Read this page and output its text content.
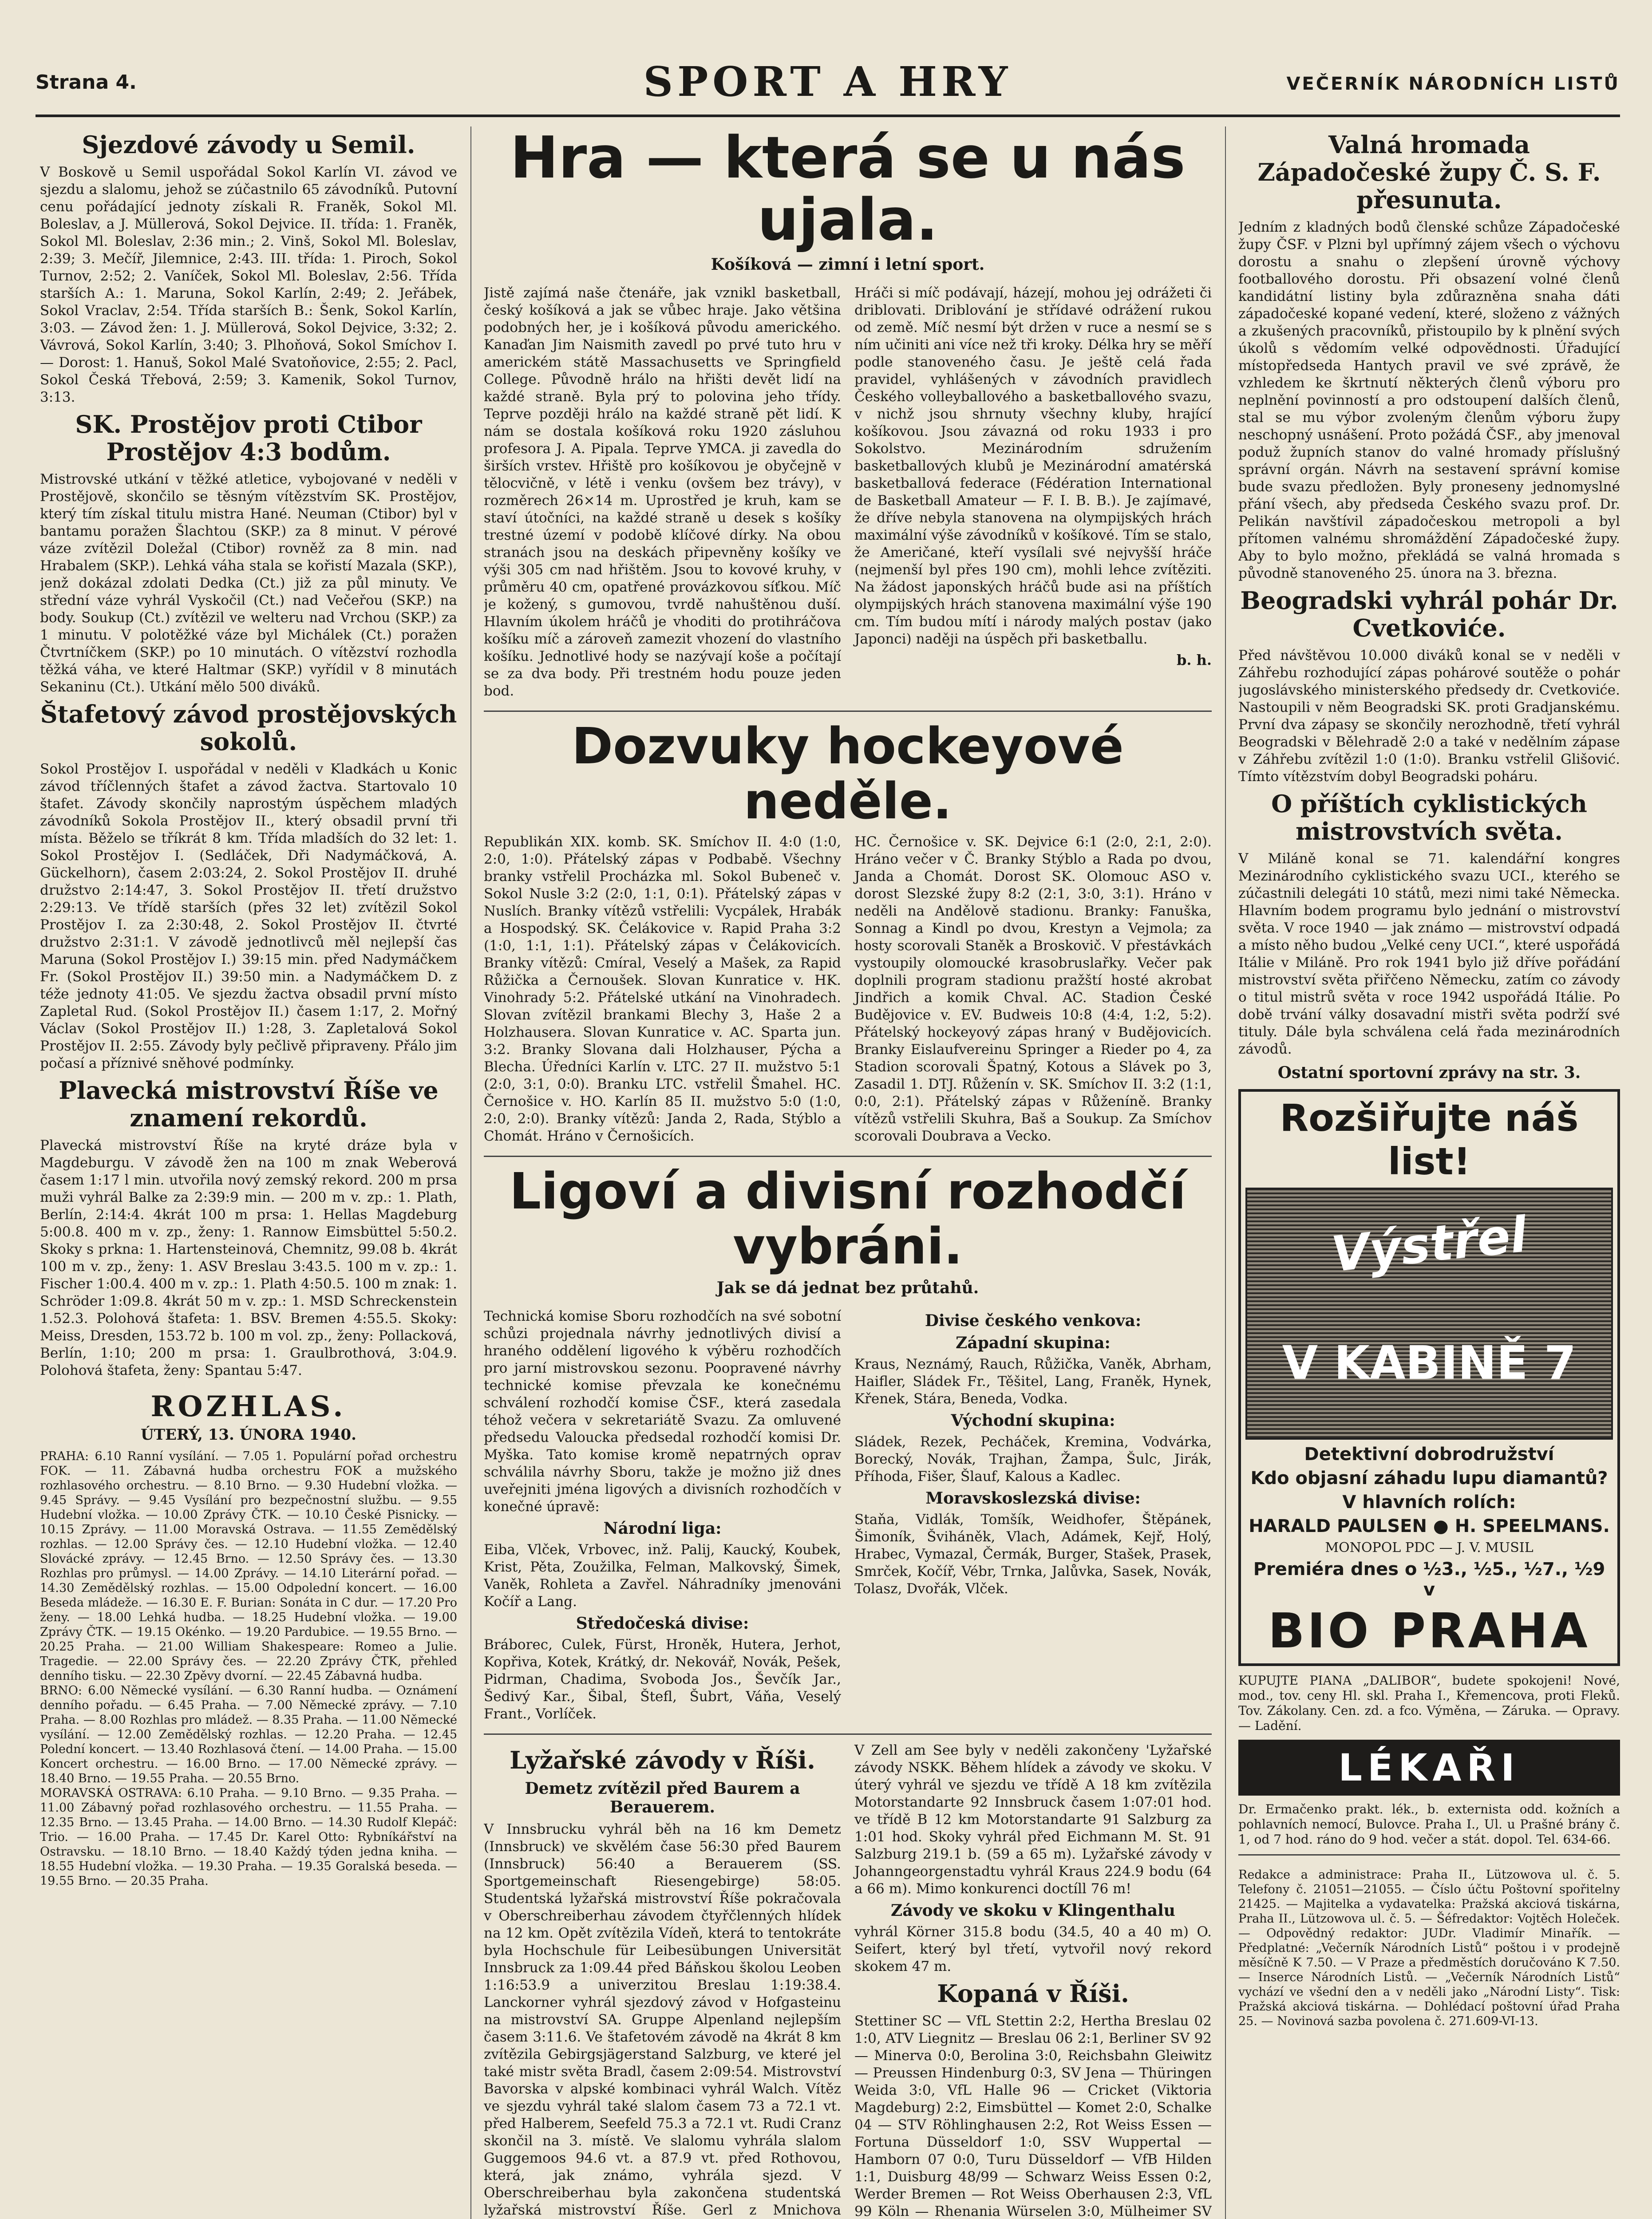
Strana 4.	SPORT A HRY	VEČERNÍK NÁRODNÍCH LISTŮ
Sjezdové závody u Semil.

V Boskově u Semil uspořádal Sokol Karlín VI. závod ve sjezdu a slalomu, jehož se zúčastnilo 65 závodníků. Putovní cenu pořádající jednoty získali R. Franěk, Sokol Ml. Boleslav, a J. Müllerová, Sokol Dejvice. II. třída: 1. Franěk, Sokol Ml. Boleslav, 2:36 min.; 2. Vinš, Sokol Ml. Boleslav, 2:39; 3. Mečíř, Jilemnice, 2:43. III. třída: 1. Piroch, Sokol Turnov, 2:52; 2. Vaníček, Sokol Ml. Boleslav, 2:56. Třída starších A.: 1. Maruna, Sokol Karlín, 2:49; 2. Jeřábek, Sokol Vraclav, 2:54. Třída starších B.: Šenk, Sokol Karlín, 3:03. — Závod žen: 1. J. Müllerová, Sokol Dejvice, 3:32; 2. Vávrová, Sokol Karlín, 3:40; 3. Plhoňová, Sokol Smíchov I. — Dorost: 1. Hanuš, Sokol Malé Svatoňovice, 2:55; 2. Pacl, Sokol Česká Třebová, 2:59; 3. Kamenik, Sokol Turnov, 3:13.

SK. Prostějov proti Ctibor Prostějov 4:3 bodům.

Mistrovské utkání v těžké atletice, vybojované v neděli v Prostějově, skončilo se těsným vítězstvím SK. Prostějov, který tím získal titulu mistra Hané. Neuman (Ctibor) byl v bantamu poražen Šlachtou (SKP.) za 8 minut. V pérové váze zvítězil Doležal (Ctibor) rovněž za 8 min. nad Hrabalem (SKP.). Lehká váha stala se kořistí Mazala (SKP.), jenž dokázal zdolati Dedka (Ct.) již za půl minuty. Ve střední váze vyhrál Vyskočil (Ct.) nad Večeřou (SKP.) na body. Soukup (Ct.) zvítězil ve welteru nad Vrchou (SKP.) za 1 minutu. V polotěžké váze byl Michálek (Ct.) poražen Čtvrtníčkem (SKP.) po 10 minutách. O vítězství rozhodla těžká váha, ve které Haltmar (SKP.) vyřídil v 8 minutách Sekaninu (Ct.). Utkání mělo 500 diváků.

Štafetový závod prostějovských sokolů.

Sokol Prostějov I. uspořádal v neděli v Kladkách u Konic závod tříčlenných štafet a závod žactva. Startovalo 10 štafet. Závody skončily naprostým úspěchem mladých závodníků Sokola Prostějov II., který obsadil první tři místa. Běželo se tříkrát 8 km. Třída mladších do 32 let: 1. Sokol Prostějov I. (Sedláček, Dři Nadymáčková, A. Gückelhorn), časem 2:03:24, 2. Sokol Prostějov II. druhé družstvo 2:14:47, 3. Sokol Prostějov II. třetí družstvo 2:29:13. Ve třídě starších (přes 32 let) zvítězil Sokol Prostějov I. za 2:30:48, 2. Sokol Prostějov II. čtvrté družstvo 2:31:1. V závodě jednotlivců měl nejlepší čas Maruna (Sokol Prostějov I.) 39:15 min. před Nadymáčkem Fr. (Sokol Prostějov II.) 39:50 min. a Nadymáčkem D. z téže jednoty 41:05. Ve sjezdu žactva obsadil první místo Zapletal Rud. (Sokol Prostějov II.) časem 1:17, 2. Mořný Václav (Sokol Prostějov II.) 1:28, 3. Zapletalová Sokol Prostějov II. 2:55. Závody byly pečlivě připraveny. Přálo jim počasí a příznivé sněhové podmínky.

Plavecká mistrovství Říše ve znamení rekordů.

Plavecká mistrovství Říše na kryté dráze byla v Magdeburgu. V závodě žen na 100 m znak Weberová časem 1:17 l min. utvořila nový zemský rekord. 200 m prsa muži vyhrál Balke za 2:39:9 min. — 200 m v. zp.: 1. Plath, Berlín, 2:14:4. 4krát 100 m prsa: 1. Hellas Magdeburg 5:00.8. 400 m v. zp., ženy: 1. Rannow Eimsbüttel 5:50.2. Skoky s prkna: 1. Hartensteinová, Chemnitz, 99.08 b. 4krát 100 m v. zp., ženy: 1. ASV Breslau 3:43.5. 100 m v. zp.: 1. Fischer 1:00.4. 400 m v. zp.: 1. Plath 4:50.5. 100 m znak: 1. Schröder 1:09.8. 4krát 50 m v. zp.: 1. MSD Schreckenstein 1.52.3. Polohová štafeta: 1. BSV. Bremen 4:55.5. Skoky: Meiss, Dresden, 153.72 b. 100 m vol. zp., ženy: Pollacková, Berlín, 1:10; 200 m prsa: 1. Graulbrothová, 3:04.9. Polohová štafeta, ženy: Spantau 5:47.

ROZHLAS.
ÚTERÝ, 13. ÚNORA 1940.

PRAHA: 6.10 Ranní vysílání. — 7.05 1. Populární pořad orchestru FOK. — 11. Zábavná hudba orchestru FOK a mužského rozhlasového orchestru. — 8.10 Brno. — 9.30 Hudební vložka. — 9.45 Správy. — 9.45 Vysílání pro bezpečnostní službu. — 9.55 Hudební vložka. — 10.00 Zprávy ČTK. — 10.10 České Pisnicky. — 10.15 Zprávy. — 11.00 Moravská Ostrava. — 11.55 Zemědělský rozhlas. — 12.00 Správy čes. — 12.10 Hudební vložka. — 12.40 Slovácké zprávy. — 12.45 Brno. — 12.50 Správy čes. — 13.30 Rozhlas pro průmysl. — 14.00 Zprávy. — 14.10 Literární pořad. — 14.30 Zemědělský rozhlas. — 15.00 Odpolední koncert. — 16.00 Beseda mládeže. — 16.30 E. F. Burian: Sonáta in C dur. — 17.20 Pro ženy. — 18.00 Lehká hudba. — 18.25 Hudební vložka. — 19.00 Zprávy ČTK. — 19.15 Okénko. — 19.20 Pardubice. — 19.55 Brno. — 20.25 Praha. — 21.00 William Shakespeare: Romeo a Julie. Tragedie. — 22.00 Správy čes. — 22.20 Zprávy ČTK, přehled denního tisku. — 22.30 Zpěvy dvorní. — 22.45 Zábavná hudba.
BRNO: 6.00 Německé vysílání. — 6.30 Ranní hudba. — Oznámení denního pořadu. — 6.45 Praha. — 7.00 Německé zprávy. — 7.10 Praha. — 8.00 Rozhlas pro mládež. — 8.35 Praha. — 11.00 Německé vysílání. — 12.00 Zemědělský rozhlas. — 12.20 Praha. — 12.45 Polední koncert. — 13.40 Rozhlasová čtení. — 14.00 Praha. — 15.00 Koncert orchestru. — 16.00 Brno. — 17.00 Německé zprávy. — 18.40 Brno. — 19.55 Praha. — 20.55 Brno.
MORAVSKÁ OSTRAVA: 6.10 Praha. — 9.10 Brno. — 9.35 Praha. — 11.00 Zábavný pořad rozhlasového orchestru. — 11.55 Praha. — 12.35 Brno. — 13.45 Praha. — 14.00 Brno. — 14.30 Rudolf Klepáč: Trio. — 16.00 Praha. — 17.45 Dr. Karel Otto: Rybníkářství na Ostravsku. — 18.10 Brno. — 18.40 Každý týden jedna kniha. — 18.55 Hudební vložka. — 19.30 Praha. — 19.35 Goralská beseda. — 19.55 Brno. — 20.35 Praha.

Hra — která se u nás ujala.
Košíková — zimní i letní sport.

Jistě zajímá naše čtenáře, jak vznikl basketball, český košíková a jak se vůbec hraje. Jako většina podobných her, je i košíková původu amerického. Kanaďan Jim Naismith zavedl po prvé tuto hru v americkém státě Massachusetts ve Springfield College. Původně hrálo na hřišti devět lidí na každé straně. Byla prý to polovina jeho třídy. Teprve později hrálo na každé straně pět lidí. K nám se dostala košíková roku 1920 zásluhou profesora J. A. Pipala. Teprve YMCA. ji zavedla do širších vrstev. Hřiště pro košíkovou je obyčejně v tělocvičně, v létě i venku (ovšem bez trávy), v rozměrech 26×14 m. Uprostřed je kruh, kam se staví útočníci, na každé straně u desek s košíky trestné území v podobě klíčové dírky. Na obou stranách jsou na deskách připevněny košíky ve výši 305 cm nad hřištěm. Jsou to kovové kruhy, v průměru 40 cm, opatřené provázkovou síťkou. Míč je kožený, s gumovou, tvrdě nahuštěnou duší. Hlavním úkolem hráčů je vhoditi do protihráčova košíku míč a zároveň zamezit vhození do vlastního košíku. Jednotlivé hody se nazývají koše a počítají se za dva body. Při trestném hodu pouze jeden bod.

Hráči si míč podávají, házejí, mohou jej odrážeti či driblovati. Driblování je střídavé odrážení rukou od země. Míč nesmí být držen v ruce a nesmí se s ním učiniti ani více než tři kroky. Délka hry se měří podle stanoveného času. Je ještě celá řada pravidel, vyhlášených v závodních pravidlech Českého volleyballového a basketballového svazu, v nichž jsou shrnuty všechny kluby, hrající košíkovou. Jsou závazná od roku 1933 i pro Sokolstvo. Mezinárodním sdružením basketballových klubů je Mezinárodní amatérská basketballová federace (Fédération International de Basketball Amateur — F. I. B. B.). Je zajímavé, že dříve nebyla stanovena na olympijských hrách maximální výše závodníků v košíkové. Tím se stalo, že Američané, kteří vysílali své nejvyšší hráče (nejmenší byl přes 190 cm), mohli lehce zvítěziti. Na žádost japonských hráčů bude asi na příštích olympijských hrách stanovena maximální výše 190 cm. Tím budou mítí i národy malých postav (jako Japonci) naději na úspěch při basketballu.

b. h.
Dozvuky hockeyové neděle.

Republikán XIX. komb. SK. Smíchov II. 4:0 (1:0, 2:0, 1:0). Přátelský zápas v Podbabě. Všechny branky vstřelil Procházka ml. Sokol Bubeneč v. Sokol Nusle 3:2 (2:0, 1:1, 0:1). Přátelský zápas v Nuslích. Branky vítězů vstřelili: Vycpálek, Hrabák a Hospodský. SK. Čelákovice v. Rapid Praha 3:2 (1:0, 1:1, 1:1). Přátelský zápas v Čelákovicích. Branky vítězů: Cmíral, Veselý a Mašek, za Rapid Růžička a Černoušek. Slovan Kunratice v. HK. Vinohrady 5:2. Přátelské utkání na Vinohradech. Slovan zvítězil brankami Blechy 3, Haše 2 a Holzhausera. Slovan Kunratice v. AC. Sparta jun. 3:2. Branky Slovana dali Holzhauser, Pýcha a Blecha. Úředníci Karlín v. LTC. 27 II. mužstvo 5:1 (2:0, 3:1, 0:0). Branku LTC. vstřelil Šmahel. HC. Černošice v. HO. Karlín 85 II. mužstvo 5:0 (1:0, 2:0, 2:0). Branky vítězů: Janda 2, Rada, Stýblo a Chomát. Hráno v Černošicích.

HC. Černošice v. SK. Dejvice 6:1 (2:0, 2:1, 2:0). Hráno večer v Č. Branky Stýblo a Rada po dvou, Janda a Chomát. Dorost SK. Olomouc ASO v. dorost Slezské župy 8:2 (2:1, 3:0, 3:1). Hráno v neděli na Andělově stadionu. Branky: Fanuška, Sonnag a Kindl po dvou, Krestyn a Vejmola; za hosty scorovali Staněk a Broskovič. V přestávkách vystoupily olomoucké krasobruslařky. Večer pak doplnili program stadionu pražští hosté akrobat Jindřich a komik Chval. AC. Stadion České Budějovice v. EV. Budweis 10:8 (4:4, 1:2, 5:2). Přátelský hockeyový zápas hraný v Budějovicích. Branky Eislaufvereinu Springer a Rieder po 4, za Stadion scorovali Špatný, Kotous a Slávek po 3, Zasadil 1. DTJ. Růženín v. SK. Smíchov II. 3:2 (1:1, 0:0, 2:1). Přátelský zápas v Růženíně. Branky vítězů vstřelili Skuhra, Baš a Soukup. Za Smíchov scorovali Doubrava a Vecko.

Ligoví a divisní rozhodčí vybráni.
Jak se dá jednat bez průtahů.

Technická komise Sboru rozhodčích na své sobotní schůzi projednala návrhy jednotlivých divisí a hraného oddělení ligového k výběru rozhodčích pro jarní mistrovskou sezonu. Poopravené návrhy technické komise převzala ke konečnému schválení rozhodčí komise ČSF., která zasedala téhož večera v sekretariátě Svazu. Za omluvené předsedu Valoucka předsedal rozhodčí komisi Dr. Myška. Tato komise kromě nepatrných oprav schválila návrhy Sboru, takže je možno již dnes uveřejniti jména ligových a divisních rozhodčích v konečné úpravě:

Národní liga:

Eiba, Vlček, Vrbovec, inž. Palij, Kaucký, Koubek, Krist, Pěta, Zoužilka, Felman, Malkovský, Šimek, Vaněk, Rohleta a Zavřel. Náhradníky jmenováni Kočíř a Lang.

Středočeská divise:

Bráborec, Culek, Fürst, Hroněk, Hutera, Jerhot, Kopřiva, Kotek, Krátký, dr. Nekovář, Novák, Pešek, Pidrman, Chadima, Svoboda Jos., Ševčík Jar., Šedivý Kar., Šibal, Štefl, Šubrt, Váňa, Veselý Frant., Vorlíček.

Divise českého venkova:
Západní skupina:

Kraus, Neznámý, Rauch, Růžička, Vaněk, Abrham, Haifler, Sládek Fr., Těšitel, Lang, Franěk, Hynek, Křenek, Stára, Beneda, Vodka.

Východní skupina:

Sládek, Rezek, Pecháček, Kremina, Vodvárka, Borecký, Novák, Trajhan, Žampa, Šulc, Jirák, Příhoda, Fišer, Šlauf, Kalous a Kadlec.

Moravskoslezská divise:

Staňa, Vidlák, Tomšík, Weidhofer, Štěpánek, Šimoník, Šviháněk, Vlach, Adámek, Kejř, Holý, Hrabec, Vymazal, Čermák, Burger, Stašek, Prasek, Smrček, Kočíř, Vébr, Trnka, Jalůvka, Sasek, Novák, Tolasz, Dvořák, Vlček.

Lyžařské závody v Říši.
Demetz zvítězil před Baurem a Berauerem.

V Innsbrucku vyhrál běh na 16 km Demetz (Innsbruck) ve skvělém čase 56:30 před Baurem (Innsbruck) 56:40 a Berauerem (SS. Sportgemeinschaft Riesengebirge) 58:05. Studentská lyžařská mistrovství Říše pokračovala v Oberschreiberhau závodem čtyřčlenných hlídek na 12 km. Opět zvítězila Vídeň, která to tentokráte byla Hochschule für Leibesübungen Universität Innsbruck za 1:09.44 před Báňskou školou Leoben 1:16:53.9 a univerzitou Breslau 1:19:38.4. Lanckorner vyhrál sjezdový závod v Hofgasteinu na mistrovství SA. Gruppe Alpenland nejlepším časem 3:11.6. Ve štafetovém závodě na 4krát 8 km zvítězila Gebirgsjägerstand Salzburg, ve které jel také mistr světa Bradl, časem 2:09:54. Mistrovství Bavorska v alpské kombinaci vyhrál Walch. Vítěz ve sjezdu vyhrál také slalom časem 73 a 72.1 vt. před Halberem, Seefeld 75.3 a 72.1 vt. Rudi Cranz skončil na 3. místě. Ve slalomu vyhrála slalom Guggemoos 94.6 vt. a 87.9 vt. před Rothovou, která, jak známo, vyhrála sjezd. V Oberschreiberhau byla zakončena studentská lyžařská mistrovství Říše. Gerl z Mnichova

V Zell am See byly v neděli zakončeny 'Lyžařské závody NSKK. Během hlídek a závody ve skoku. V úterý vyhrál ve sjezdu ve třídě A 18 km zvítězila Motorstandarte 92 Innsbruck časem 1:07:01 hod. ve třídě B 12 km Motorstandarte 91 Salzburg za 1:01 hod. Skoky vyhrál před Eichmann M. St. 91 Salzburg 219.1 b. (59 a 65 m). Lyžařské závody v Johanngeorgenstadtu vyhrál Kraus 224.9 bodu (64 a 66 m). Mimo konkurenci doctíll 76 m!

Závody ve skoku v Klingenthalu

vyhrál Körner 315.8 bodu (34.5, 40 a 40 m) O. Seifert, který byl třetí, vytvořil nový rekord skokem 47 m.

Kopaná v Říši.

Stettiner SC — VfL Stettin 2:2, Hertha Breslau 02 1:0, ATV Liegnitz — Breslau 06 2:1, Berliner SV 92 — Minerva 0:0, Berolina 3:0, Reichsbahn Gleiwitz — Preussen Hindenburg 0:3, SV Jena — Thüringen Weida 3:0, VfL Halle 96 — Cricket (Viktoria Magdeburg) 2:2, Eimsbüttel — Komet 2:0, Schalke 04 — STV Röhlinghausen 2:2, Rot Weiss Essen — Fortuna Düsseldorf 1:0, SSV Wuppertal — Hamborn 07 0:0, Turu Düsseldorf — VfB Hilden 1:1, Duisburg 48/99 — Schwarz Weiss Essen 0:2, Werder Bremen — Rot Weiss Oberhausen 2:3, VfL 99 Köln — Rhenania Würselen 3:0, Mülheimer SV

Valná hromada Západočeské župy Č. S. F. přesunuta.

Jedním z kladných bodů členské schůze Západočeské župy ČSF. v Plzni byl upřímný zájem všech o výchovu dorostu a snahu o zlepšení úrovně výchovy footballového dorostu. Při obsazení volné členů kandidátní listiny byla zdůrazněna snaha dáti západočeské kopané vedení, které, složeno z vážných a zkušených pracovníků, přistoupilo by k plnění svých úkolů s vědomím velké odpovědnosti. Úřadující místopředseda Hantych pravil ve své zprávě, že vzhledem ke škrtnutí některých členů výboru pro neplnění povinností a pro odstoupení dalších členů, stal se mu výbor zvoleným členům výboru župy neschopný usnášení. Proto požádá ČSF., aby jmenoval poduž župních stanov do valné hromady příslušný správní orgán. Návrh na sestavení správní komise bude svazu předložen. Byly proneseny jednomyslné přání všech, aby předseda Českého svazu prof. Dr. Pelikán navštívil západočeskou metropoli a byl přítomen valnému shromáždění Západočeské župy. Aby to bylo možno, překládá se valná hromada s původně stanoveného 25. února na 3. března.

Beogradski vyhrál pohár Dr. Cvetkoviće.

Před návštěvou 10.000 diváků konal se v neděli v Záhřebu rozhodující zápas pohárové soutěže o pohár jugoslávského ministerského předsedy dr. Cvetkoviće. Nastoupili v něm Beogradski SK. proti Gradjanskému. První dva zápasy se skončily nerozhodně, třetí vyhrál Beogradski v Bělehradě 2:0 a také v nedělním zápase v Záhřebu zvítězil 1:0 (1:0). Branku vstřelil Glišović. Tímto vítězstvím dobyl Beogradski poháru.

O příštích cyklistických mistrovstvích světa.

V Miláně konal se 71. kalendářní kongres Mezinárodního cyklistického svazu UCI., kterého se zúčastnili delegáti 10 států, mezi nimi také Německa. Hlavním bodem programu bylo jednání o mistrovství světa. V roce 1940 — jak známo — mistrovství odpadá a místo něho budou „Velké ceny UCI.“, které uspořádá Itálie v Miláně. Pro rok 1941 bylo již dříve pořádání mistrovství světa přiřčeno Německu, zatím co závody o titul mistrů světa v roce 1942 uspořádá Itálie. Po době trvání války dosavadní mistři světa podrží své tituly. Dále byla schválena celá řada mezinárodních závodů.

Ostatní sportovní zprávy na str. 3.
Rozšiřujte náš list!
Výstřel
V KABINĚ 7
Detektivní dobrodružství
Kdo objasní záhadu lupu diamantů?
V hlavních rolích:
HARALD PAULSEN ● H. SPEELMANS.
MONOPOL PDC — J. V. MUSIL
Premiéra dnes o ½3., ½5., ½7., ½9 v
BIO PRAHA

KUPUJTE PIANA „DALIBOR“, budete spokojeni! Nové, mod., tov. ceny Hl. skl. Praha I., Křemencova, proti Fleků. Tov. Zákolany. Cen. zd. a fco. Výměna, — Záruka. — Opravy. — Ladění.

LÉKAŘI

Dr. Ermačenko prakt. lék., b. externista odd. kožních a pohlavních nemocí, Bulovce. Praha I., Ul. u Prašné brány č. 1, od 7 hod. ráno do 9 hod. večer a stát. dopol. Tel. 634-66.

Redakce a administrace: Praha II., Lützowova ul. č. 5. Telefony č. 21051—21055. — Číslo účtu Poštovní spořitelny 21425. — Majitelka a vydavatelka: Pražská akciová tiskárna, Praha II., Lützowova ul. č. 5. — Šéfredaktor: Vojtěch Holeček. — Odpovědný redaktor: JUDr. Vladimír Minařík. — Předplatné: „Večerník Národních Listů“ poštou i v prodejně měsíčně K 7.50. — V Praze a předměstích doručováno K 7.50. — Inserce Národních Listů. — „Večerník Národních Listů“ vychází ve všední den a v neděli jako „Národní Listy“. Tisk: Pražská akciová tiskárna. — Dohlédací poštovní úřad Praha 25. — Novinová sazba povolena č. 271.609-VI-13.
